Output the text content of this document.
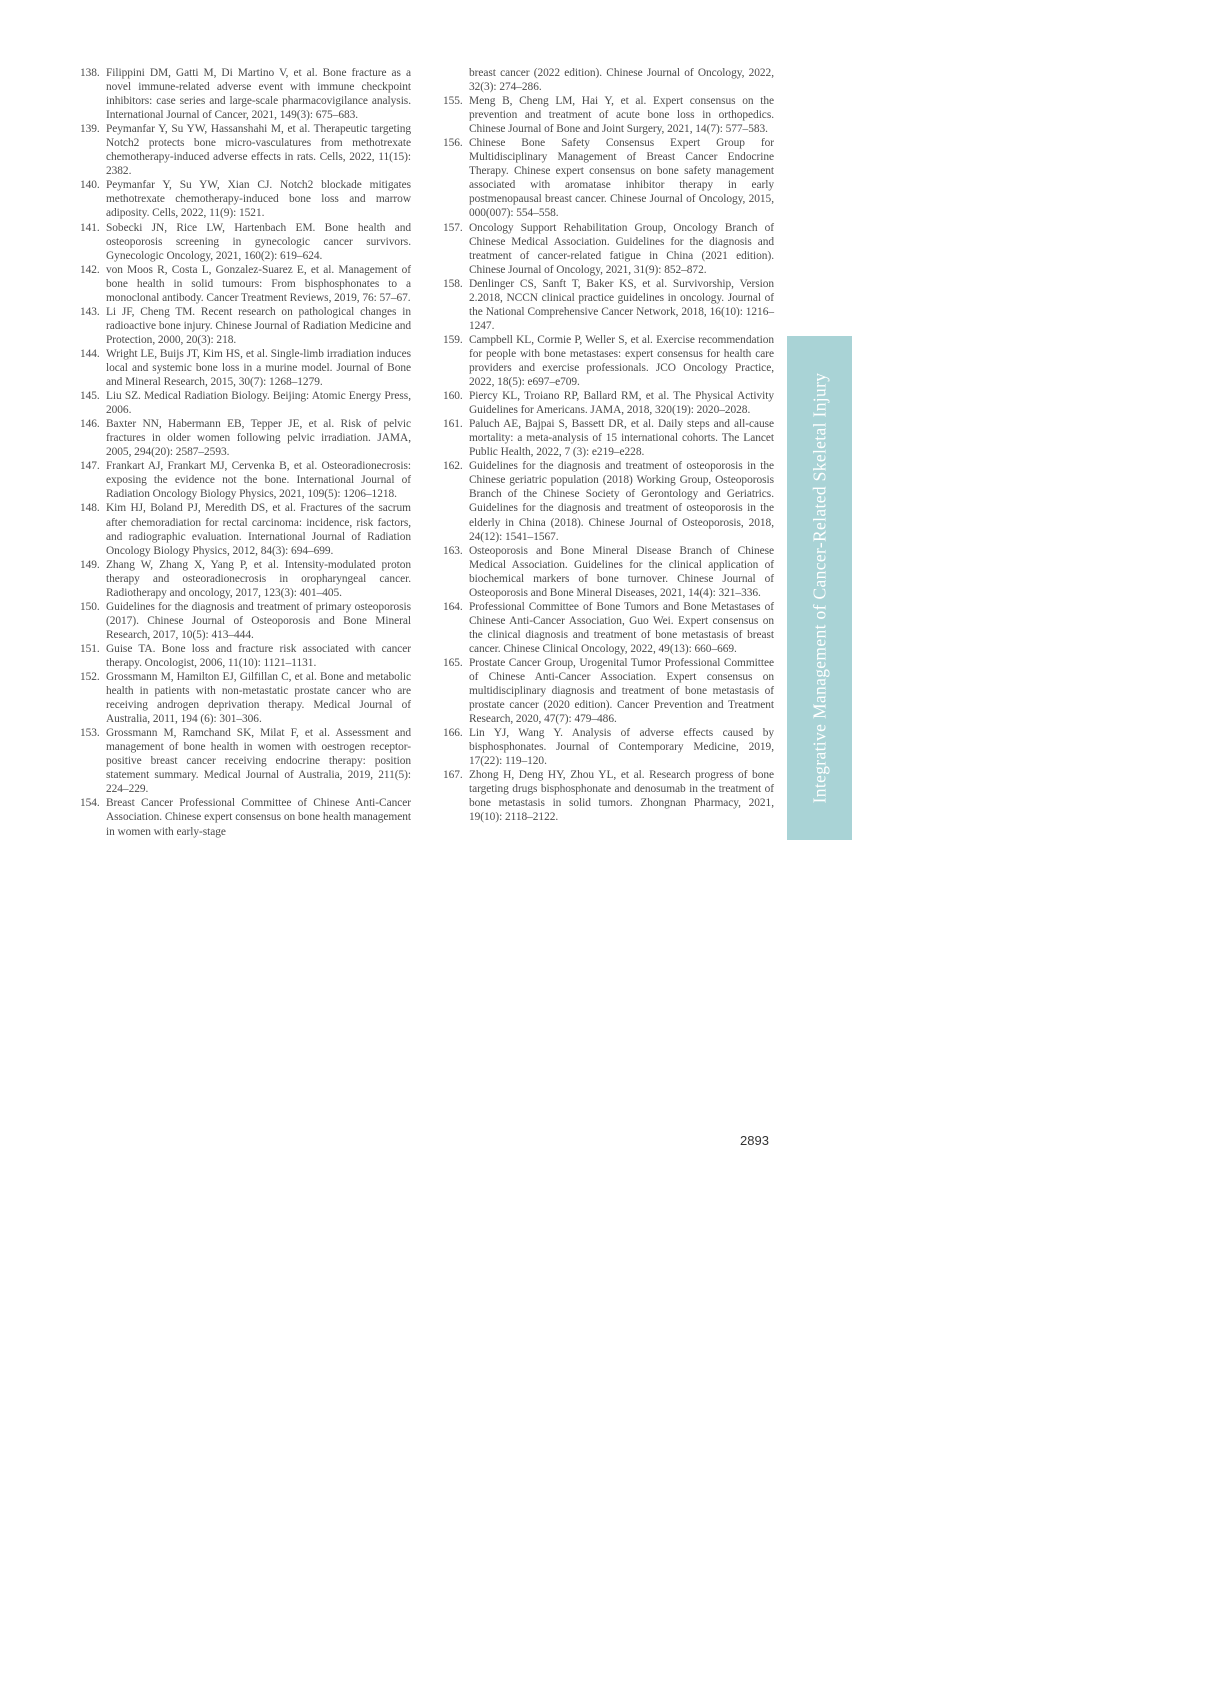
138. Filippini DM, Gatti M, Di Martino V, et al. Bone fracture as a novel immune-related adverse event with immune checkpoint inhibitors: case series and large-scale pharmacovigilance analysis. International Journal of Cancer, 2021, 149(3): 675–683.

139. Peymanfar Y, Su YW, Hassanshahi M, et al. Therapeutic targeting Notch2 protects bone micro-vasculatures from methotrexate chemotherapy-induced adverse effects in rats. Cells, 2022, 11(15): 2382.

140. Peymanfar Y, Su YW, Xian CJ. Notch2 blockade mitigates methotrexate chemotherapy-induced bone loss and marrow adiposity. Cells, 2022, 11(9): 1521.

141. Sobecki JN, Rice LW, Hartenbach EM. Bone health and osteoporosis screening in gynecologic cancer survivors. Gynecologic Oncology, 2021, 160(2): 619–624.

142. von Moos R, Costa L, Gonzalez-Suarez E, et al. Management of bone health in solid tumours: From bisphosphonates to a monoclonal antibody. Cancer Treatment Reviews, 2019, 76: 57–67.

143. Li JF, Cheng TM. Recent research on pathological changes in radioactive bone injury. Chinese Journal of Radiation Medicine and Protection, 2000, 20(3): 218.

144. Wright LE, Buijs JT, Kim HS, et al. Single-limb irradiation induces local and systemic bone loss in a murine model. Journal of Bone and Mineral Research, 2015, 30(7): 1268–1279.

145. Liu SZ. Medical Radiation Biology. Beijing: Atomic Energy Press, 2006.

146. Baxter NN, Habermann EB, Tepper JE, et al. Risk of pelvic fractures in older women following pelvic irradiation. JAMA, 2005, 294(20): 2587–2593.

147. Frankart AJ, Frankart MJ, Cervenka B, et al. Osteoradionecrosis: exposing the evidence not the bone. International Journal of Radiation Oncology Biology Physics, 2021, 109(5): 1206–1218.

148. Kim HJ, Boland PJ, Meredith DS, et al. Fractures of the sacrum after chemoradiation for rectal carcinoma: incidence, risk factors, and radiographic evaluation. International Journal of Radiation Oncology Biology Physics, 2012, 84(3): 694–699.

149. Zhang W, Zhang X, Yang P, et al. Intensity-modulated proton therapy and osteoradionecrosis in oropharyngeal cancer. Radiotherapy and oncology, 2017, 123(3): 401–405.

150. Guidelines for the diagnosis and treatment of primary osteoporosis (2017). Chinese Journal of Osteoporosis and Bone Mineral Research, 2017, 10(5): 413–444.

151. Guise TA. Bone loss and fracture risk associated with cancer therapy. Oncologist, 2006, 11(10): 1121–1131.

152. Grossmann M, Hamilton EJ, Gilfillan C, et al. Bone and metabolic health in patients with non-metastatic prostate cancer who are receiving androgen deprivation therapy. Medical Journal of Australia, 2011, 194 (6): 301–306.

153. Grossmann M, Ramchand SK, Milat F, et al. Assessment and management of bone health in women with oestrogen receptor-positive breast cancer receiving endocrine therapy: position statement summary. Medical Journal of Australia, 2019, 211(5): 224–229.

154. Breast Cancer Professional Committee of Chinese Anti-Cancer Association. Chinese expert consensus on bone health management in women with early-stage

breast cancer (2022 edition). Chinese Journal of Oncology, 2022, 32(3): 274–286.

155. Meng B, Cheng LM, Hai Y, et al. Expert consensus on the prevention and treatment of acute bone loss in orthopedics. Chinese Journal of Bone and Joint Surgery, 2021, 14(7): 577–583.

156. Chinese Bone Safety Consensus Expert Group for Multidisciplinary Management of Breast Cancer Endocrine Therapy. Chinese expert consensus on bone safety management associated with aromatase inhibitor therapy in early postmenopausal breast cancer. Chinese Journal of Oncology, 2015, 000(007): 554–558.

157. Oncology Support Rehabilitation Group, Oncology Branch of Chinese Medical Association. Guidelines for the diagnosis and treatment of cancer-related fatigue in China (2021 edition). Chinese Journal of Oncology, 2021, 31(9): 852–872.

158. Denlinger CS, Sanft T, Baker KS, et al. Survivorship, Version 2.2018, NCCN clinical practice guidelines in oncology. Journal of the National Comprehensive Cancer Network, 2018, 16(10): 1216–1247.

159. Campbell KL, Cormie P, Weller S, et al. Exercise recommendation for people with bone metastases: expert consensus for health care providers and exercise professionals. JCO Oncology Practice, 2022, 18(5): e697–e709.

160. Piercy KL, Troiano RP, Ballard RM, et al. The Physical Activity Guidelines for Americans. JAMA, 2018, 320(19): 2020–2028.

161. Paluch AE, Bajpai S, Bassett DR, et al. Daily steps and all-cause mortality: a meta-analysis of 15 international cohorts. The Lancet Public Health, 2022, 7 (3): e219–e228.

162. Guidelines for the diagnosis and treatment of osteoporosis in the Chinese geriatric population (2018) Working Group, Osteoporosis Branch of the Chinese Society of Gerontology and Geriatrics. Guidelines for the diagnosis and treatment of osteoporosis in the elderly in China (2018). Chinese Journal of Osteoporosis, 2018, 24(12): 1541–1567.

163. Osteoporosis and Bone Mineral Disease Branch of Chinese Medical Association. Guidelines for the clinical application of biochemical markers of bone turnover. Chinese Journal of Osteoporosis and Bone Mineral Diseases, 2021, 14(4): 321–336.

164. Professional Committee of Bone Tumors and Bone Metastases of Chinese Anti-Cancer Association, Guo Wei. Expert consensus on the clinical diagnosis and treatment of bone metastasis of breast cancer. Chinese Clinical Oncology, 2022, 49(13): 660–669.

165. Prostate Cancer Group, Urogenital Tumor Professional Committee of Chinese Anti-Cancer Association. Expert consensus on multidisciplinary diagnosis and treatment of bone metastasis of prostate cancer (2020 edition). Cancer Prevention and Treatment Research, 2020, 47(7): 479–486.

166. Lin YJ, Wang Y. Analysis of adverse effects caused by bisphosphonates. Journal of Contemporary Medicine, 2019, 17(22): 119–120.

167. Zhong H, Deng HY, Zhou YL, et al. Research progress of bone targeting drugs bisphosphonate and denosumab in the treatment of bone metastasis in solid tumors. Zhongnan Pharmacy, 2021, 19(10): 2118–2122.

Integrative Management of Cancer-Related Skeletal Injury
2893
